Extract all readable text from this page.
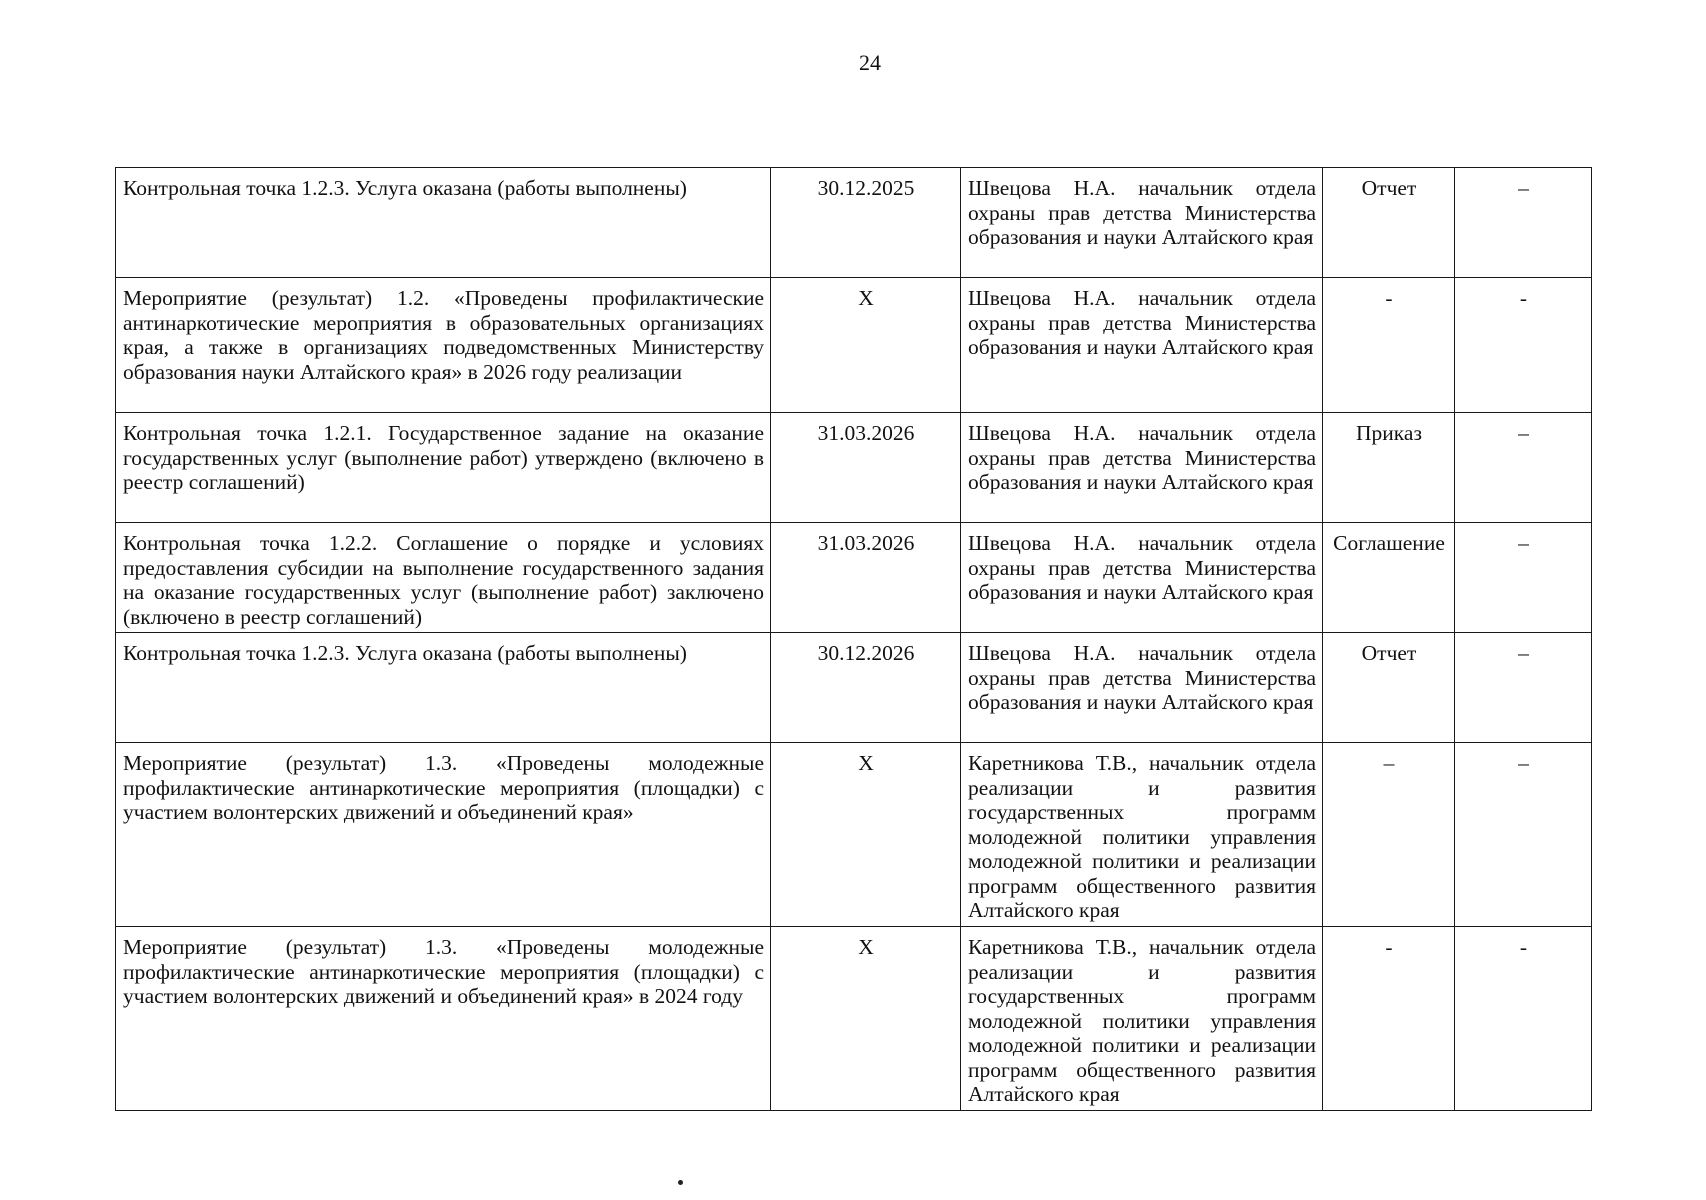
24
Контрольная точка 1.2.3. Услуга оказана (работы выполнены)	30.12.2025	Швецова Н.А. начальник отдела охраны прав детства Министерства образования и науки Алтайского края	Отчет	–
Мероприятие (результат) 1.2. «Проведены профилактические антинаркотические мероприятия в образовательных организациях края, а также в организациях подведомственных Министерству образования науки Алтайского края» в 2026 году реализации	Х	Швецова Н.А. начальник отдела охраны прав детства Министерства образования и науки Алтайского края	-	-
Контрольная точка 1.2.1. Государственное задание на оказание государственных услуг (выполнение работ) утверждено (включено в реестр соглашений)	31.03.2026	Швецова Н.А. начальник отдела охраны прав детства Министерства образования и науки Алтайского края	Приказ	–
Контрольная точка 1.2.2. Соглашение о порядке и условиях предоставления субсидии на выполнение государственного задания на оказание государственных услуг (выполнение работ) заключено (включено в реестр соглашений)	31.03.2026	Швецова Н.А. начальник отдела охраны прав детства Министерства образования и науки Алтайского края	Соглашение	–
Контрольная точка 1.2.3. Услуга оказана (работы выполнены)	30.12.2026	Швецова Н.А. начальник отдела охраны прав детства Министерства образования и науки Алтайского края	Отчет	–
Мероприятие (результат) 1.3. «Проведены молодежные профилактические антинаркотические мероприятия (площадки) с участием волонтерских движений и объединений края»	Х	Каретникова Т.В., начальник отдела реализации и развития государственных программ молодежной политики управления молодежной политики и реализации программ общественного развития Алтайского края	–	–
Мероприятие (результат) 1.3. «Проведены молодежные профилактические антинаркотические мероприятия (площадки) с участием волонтерских движений и объединений края» в 2024 году	Х	Каретникова Т.В., начальник отдела реализации и развития государственных программ молодежной политики управления молодежной политики и реализации программ общественного развития Алтайского края	-	-
